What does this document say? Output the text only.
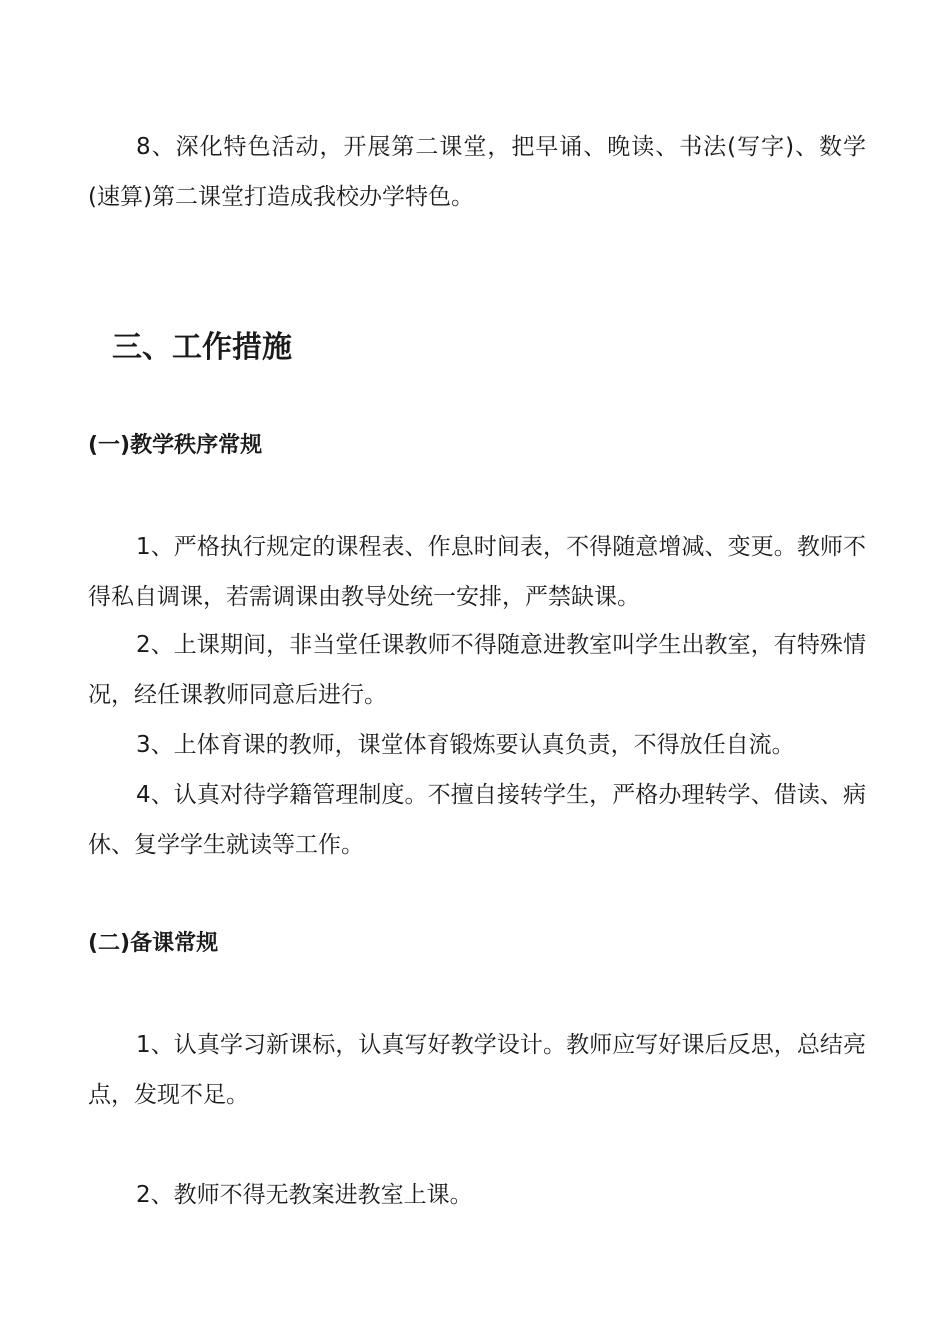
8、深化特色活动，开展第二课堂，把早诵、晚读、书法(写字)、数学(速算)第二课堂打造成我校办学特色。

三、工作措施
(一)教学秩序常规

1、严格执行规定的课程表、作息时间表，不得随意增减、变更。教师不得私自调课，若需调课由教导处统一安排，严禁缺课。

2、上课期间，非当堂任课教师不得随意进教室叫学生出教室，有特殊情况，经任课教师同意后进行。

3、上体育课的教师，课堂体育锻炼要认真负责，不得放任自流。

4、认真对待学籍管理制度。不擅自接转学生，严格办理转学、借读、病休、复学学生就读等工作。

(二)备课常规

1、认真学习新课标，认真写好教学设计。教师应写好课后反思，总结亮点，发现不足。

2、教师不得无教案进教室上课。
